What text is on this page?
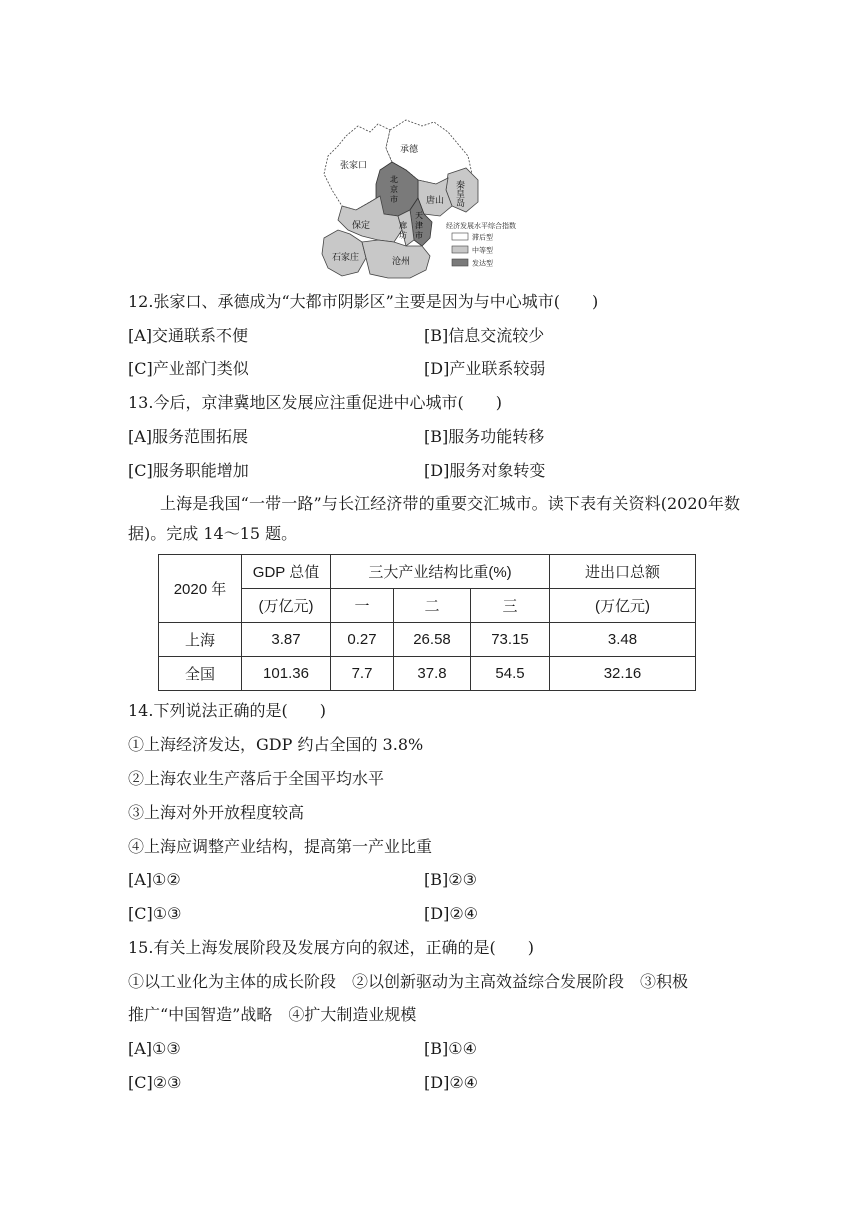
张家口
承德
秦
皇
岛
唐山
保定
石家庄	沧州
廊
坊
北
京
市
天
津
市
经济发展水平综合指数
滞后型
中等型
发达型
12.张家口、承德成为“大都市阴影区”主要是因为与中心城市(　　)
[A]交通联系不便	[B]信息交流较少
[C]产业部门类似	[D]产业联系较弱
13.今后，京津冀地区发展应注重促进中心城市(　　)
[A]服务范围拓展	[B]服务功能转移
[C]服务职能增加	[D]服务对象转变
上海是我国“一带一路”与长江经济带的重要交汇城市。读下表有关资料(2020年数据)。完成 14～15 题。
2020 年	GDP 总值	三大产业结构比重(%)			进出口总额
	(万亿元)	一	二	三	(万亿元)
上海	3.87	0.27	26.58	73.15	3.48
全国	101.36	7.7	37.8	54.5	32.16
14.下列说法正确的是(　　)
①上海经济发达，GDP 约占全国的 3.8%
②上海农业生产落后于全国平均水平
③上海对外开放程度较高
④上海应调整产业结构，提高第一产业比重
[A]①②	[B]②③
[C]①③	[D]②④
15.有关上海发展阶段及发展方向的叙述，正确的是(　　)
①以工业化为主体的成长阶段　②以创新驱动为主高效益综合发展阶段　③积极
推广“中国智造”战略　④扩大制造业规模
[A]①③	[B]①④
[C]②③	[D]②④
